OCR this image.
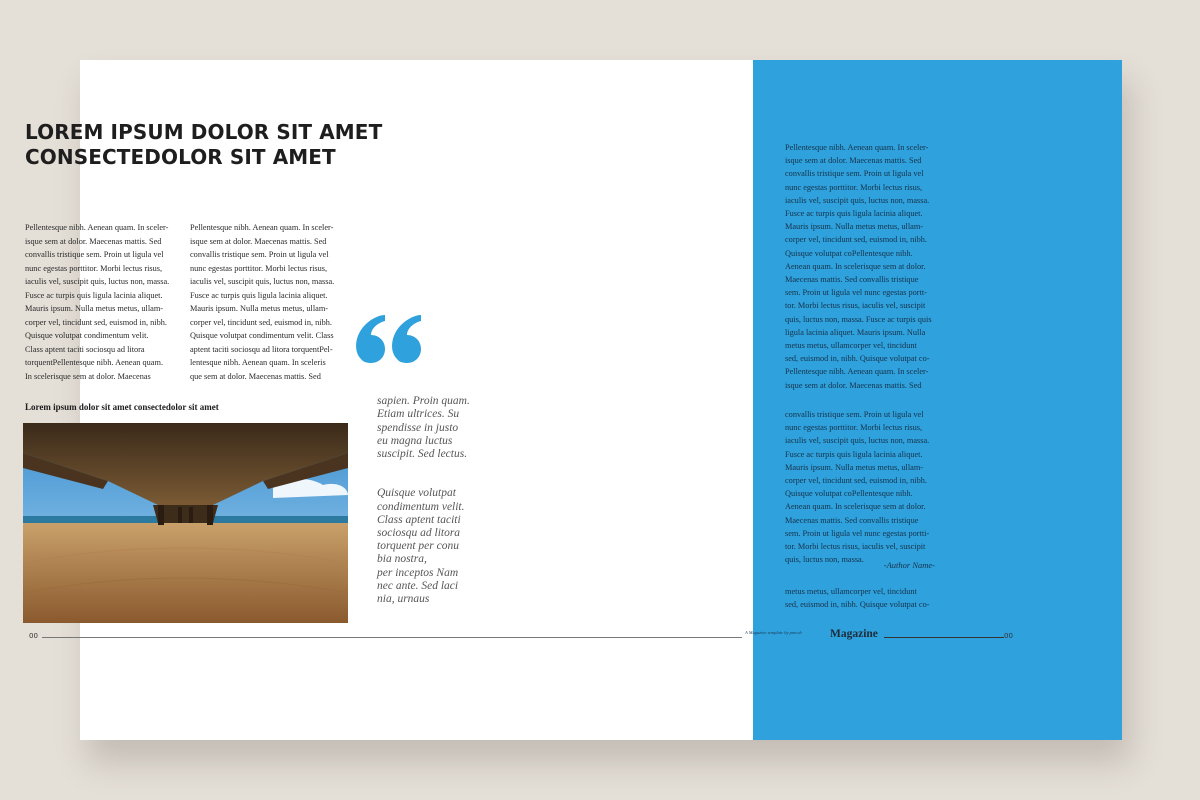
LOREM IPSUM DOLOR SIT AMET
CONSECTEDOLOR SIT AMET

Pellentesque nibh. Aenean quam. In sceler-
isque sem at dolor. Maecenas mattis. Sed
convallis tristique sem. Proin ut ligula vel
nunc egestas porttitor. Morbi lectus risus,
iaculis vel, suscipit quis, luctus non, massa.
Fusce ac turpis quis ligula lacinia aliquet.
Mauris ipsum. Nulla metus metus, ullam-
corper vel, tincidunt sed, euismod in, nibh.
Quisque volutpat condimentum velit.
Class aptent taciti sociosqu ad litora
torquentPellentesque nibh. Aenean quam.
In scelerisque sem at dolor. Maecenas

Pellentesque nibh. Aenean quam. In sceler-
isque sem at dolor. Maecenas mattis. Sed
convallis tristique sem. Proin ut ligula vel
nunc egestas porttitor. Morbi lectus risus,
iaculis vel, suscipit quis, luctus non, massa.
Fusce ac turpis quis ligula lacinia aliquet.
Mauris ipsum. Nulla metus metus, ullam-
corper vel, tincidunt sed, euismod in, nibh.
Quisque volutpat condimentum velit. Class
aptent taciti sociosqu ad litora torquentPel-
lentesque nibh. Aenean quam. In sceleris
que sem at dolor. Maecenas mattis. Sed

Lorem ipsum dolor sit amet consectedolor sit amet	sapien. Proin quam.
Etiam ultrices. Su
spendisse in justo
eu magna luctus
suscipit. Sed lectus.

Quisque volutpat
condimentum velit.
Class aptent taciti
sociosqu ad litora
torquent per conu
bia nostra,
per inceptos Nam
nec ante. Sed laci
nia, urnaus

Pellentesque nibh. Aenean quam. In sceler-
isque sem at dolor. Maecenas mattis. Sed
convallis tristique sem. Proin ut ligula vel
nunc egestas porttitor. Morbi lectus risus,
iaculis vel, suscipit quis, luctus non, massa.
Fusce ac turpis quis ligula lacinia aliquet.
Mauris ipsum. Nulla metus metus, ullam-
corper vel, tincidunt sed, euismod in, nibh.
Quisque volutpat coPellentesque nibh.
Aenean quam. In scelerisque sem at dolor.
Maecenas mattis. Sed convallis tristique
sem. Proin ut ligula vel nunc egestas portt-
tor. Morbi lectus risus, iaculis vel, suscipit
quis, luctus non, massa. Fusce ac turpis quis
ligula lacinia aliquet. Mauris ipsum. Nulla
metus metus, ullamcorper vel, tincidunt
sed, euismod in, nibh. Quisque volutpat co-
Pellentesque nibh. Aenean quam. In sceler-
isque sem at dolor. Maecenas mattis. Sed

convallis tristique sem. Proin ut ligula vel
nunc egestas porttitor. Morbi lectus risus,
iaculis vel, suscipit quis, luctus non, massa.
Fusce ac turpis quis ligula lacinia aliquet.
Mauris ipsum. Nulla metus metus, ullam-
corper vel, tincidunt sed, euismod in, nibh.
Quisque volutpat coPellentesque nibh.
Aenean quam. In scelerisque sem at dolor.
Maecenas mattis. Sed convallis tristique
sem. Proin ut ligula vel nunc egestas portti-
tor. Morbi lectus risus, iaculis vel, suscipit
quis, luctus non, massa.

metus metus, ullamcorper vel, tincidunt
sed, euismod in, nibh. Quisque volutpat co-

-Author Name-

00	00
A Magazine template by pmcob	Magazine
